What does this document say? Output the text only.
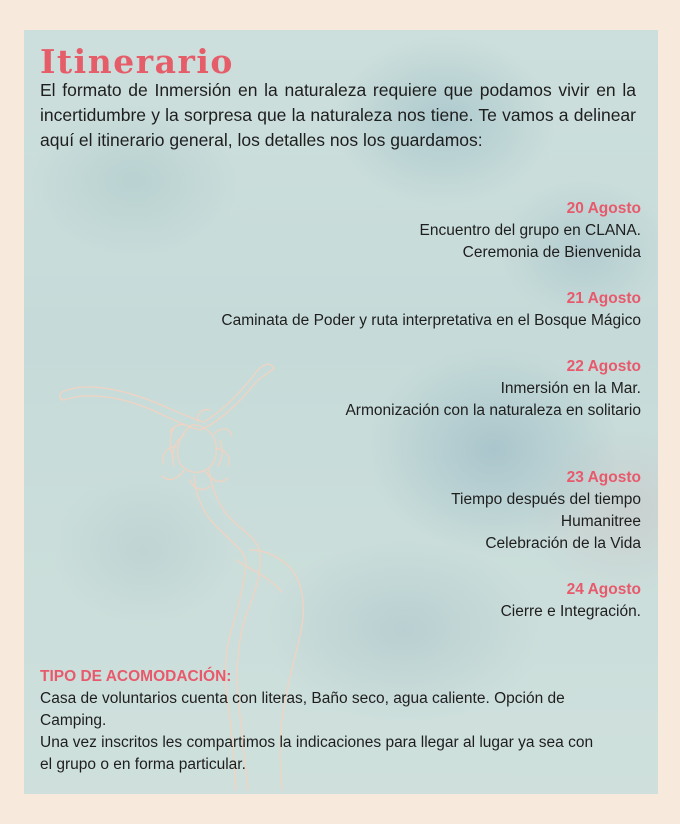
Itinerario

El formato de Inmersión en la naturaleza requiere que podamos vivir en la incertidumbre y la sorpresa que la naturaleza nos tiene. Te vamos a delinear aquí el itinerario general, los detalles nos los guardamos:

20 Agosto
Encuentro del grupo en CLANA.
Ceremonia de Bienvenida
21 Agosto
Caminata de Poder y ruta interpretativa en el Bosque Mágico
22 Agosto
Inmersión en la Mar.
Armonización con la naturaleza en solitario
23 Agosto
Tiempo después del tiempo
Humanitree
Celebración de la Vida
24 Agosto
Cierre e Integración.
TIPO DE ACOMODACIÓN:
Casa de voluntarios cuenta con literas, Baño seco, agua caliente. Opción de
Camping.
Una vez inscritos les compartimos la indicaciones para llegar al lugar ya sea con
el grupo o en forma particular.
